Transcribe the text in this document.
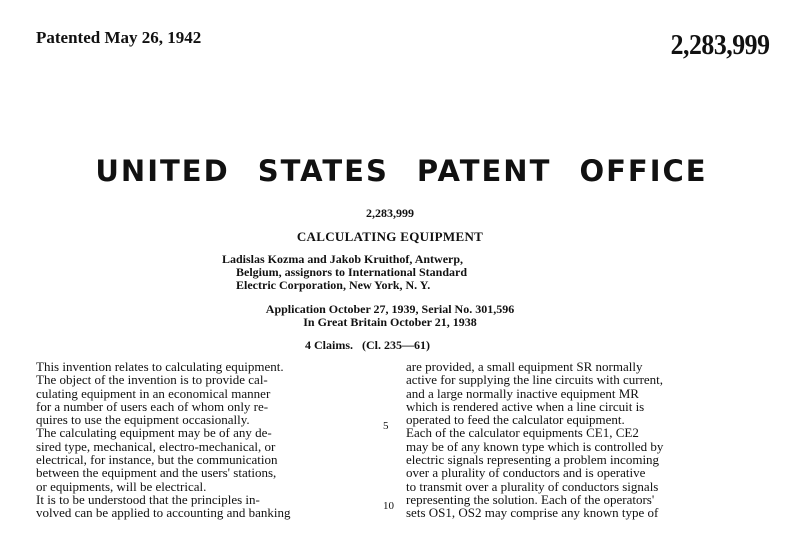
Patented May 26, 1942	2,283,999
UNITED STATES PATENT OFFICE
2,283,999
CALCULATING EQUIPMENT
Ladislas Kozma and Jakob Kruithof, Antwerp,
Belgium, assignors to International Standard
Electric Corporation, New York, N. Y.
Application October 27, 1939, Serial No. 301,596
In Great Britain October 21, 1938
4 Claims. (Cl. 235—61)
This invention relates to calculating equipment.
The object of the invention is to provide cal-
culating equipment in an economical manner
for a number of users each of whom only re-
quires to use the equipment occasionally.
The calculating equipment may be of any de-
sired type, mechanical, electro-mechanical, or
electrical, for instance, but the communication
between the equipment and the users' stations,
or equipments, will be electrical.
It is to be understood that the principles in-
volved can be applied to accounting and banking
5
10
are provided, a small equipment SR normally
active for supplying the line circuits with current,
and a large normally inactive equipment MR
which is rendered active when a line circuit is
operated to feed the calculator equipment.
Each of the calculator equipments CE1, CE2
may be of any known type which is controlled by
electric signals representing a problem incoming
over a plurality of conductors and is operative
to transmit over a plurality of conductors signals
representing the solution. Each of the operators'
sets OS1, OS2 may comprise any known type of
